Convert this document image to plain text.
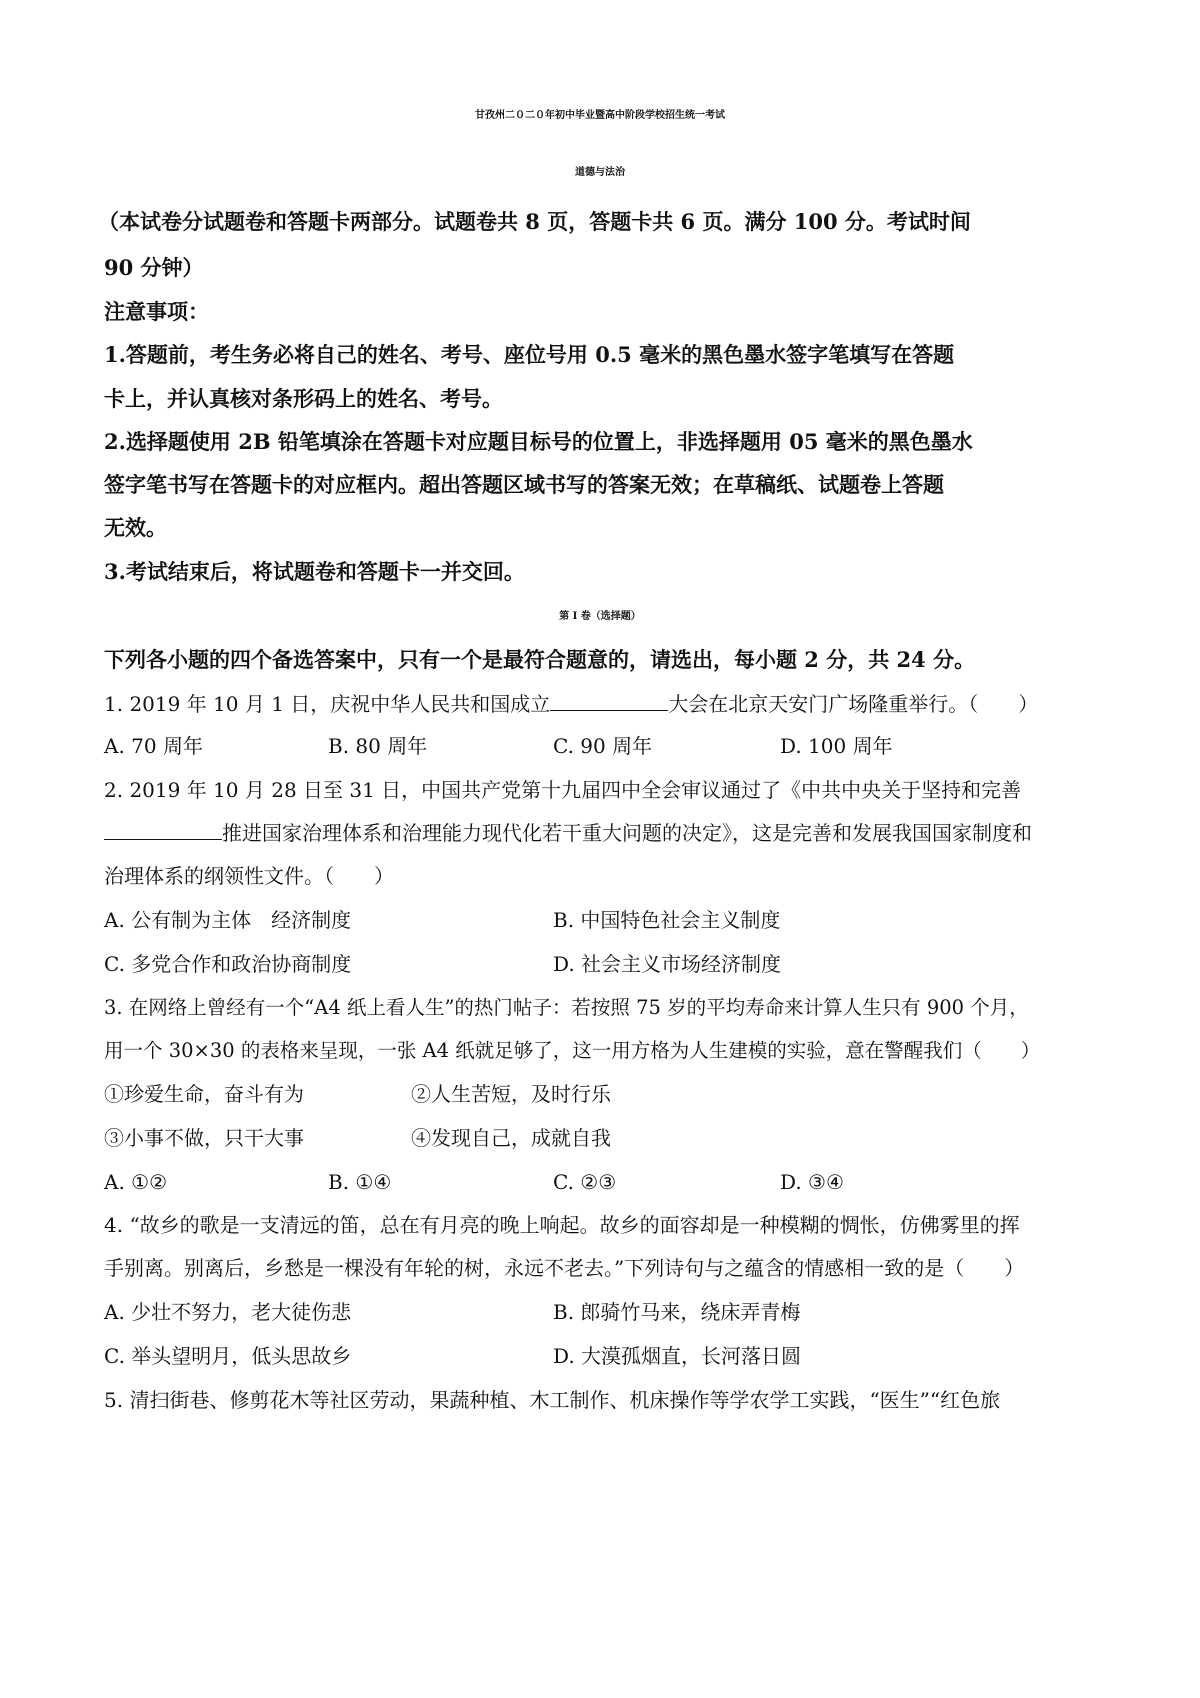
甘孜州二０二０年初中毕业暨高中阶段学校招生统一考试
道德与法治
（本试卷分试题卷和答题卡两部分。试题卷共 8 页，答题卡共 6 页。满分 100 分。考试时间
90 分钟）
注意事项：
1.答题前，考生务必将自己的姓名、考号、座位号用 0.5 毫米的黑色墨水签字笔填写在答题
卡上，并认真核对条形码上的姓名、考号。
2.选择题使用 2B 铅笔填涂在答题卡对应题目标号的位置上，非选择题用 05 毫米的黑色墨水
签字笔书写在答题卡的对应框内。超出答题区域书写的答案无效；在草稿纸、试题卷上答题
无效。
3.考试结束后，将试题卷和答题卡一并交回。
第 I 卷（选择题）
下列各小题的四个备选答案中，只有一个是最符合题意的，请选出，每小题 2 分，共 24 分。
1. 2019 年 10 月 1 日，庆祝中华人民共和国成立	大会在北京天安门广场隆重举行。（　　）
A. 70 周年	B. 80 周年	C. 90 周年	D. 100 周年
2. 2019 年 10 月 28 日至 31 日，中国共产党第十九届四中全会审议通过了《中共中央关于坚持和完善
推进国家治理体系和治理能力现代化若干重大问题的决定》，这是完善和发展我国国家制度和
治理体系的纲领性文件。（　　）
A. 公有制为主体　经济制度	B. 中国特色社会主义制度
C. 多党合作和政治协商制度	D. 社会主义市场经济制度
3. 在网络上曾经有一个“A4 纸上看人生”的热门帖子：若按照 75 岁的平均寿命来计算人生只有 900 个月，
用一个 30×30 的表格来呈现，一张 A4 纸就足够了，这一用方格为人生建模的实验，意在警醒我们（　　）
①珍爱生命，奋斗有为	②人生苦短，及时行乐
③小事不做，只干大事	④发现自己，成就自我
A. ①②	B. ①④	C. ②③	D. ③④
4. “故乡的歌是一支清远的笛，总在有月亮的晚上响起。故乡的面容却是一种模糊的惆怅，仿佛雾里的挥
手别离。别离后，乡愁是一棵没有年轮的树，永远不老去。”下列诗句与之蕴含的情感相一致的是（　　）
A. 少壮不努力，老大徒伤悲	B. 郎骑竹马来，绕床弄青梅
C. 举头望明月，低头思故乡	D. 大漠孤烟直，长河落日圆
5. 清扫街巷、修剪花木等社区劳动，果蔬种植、木工制作、机床操作等学农学工实践，“医生”“红色旅
